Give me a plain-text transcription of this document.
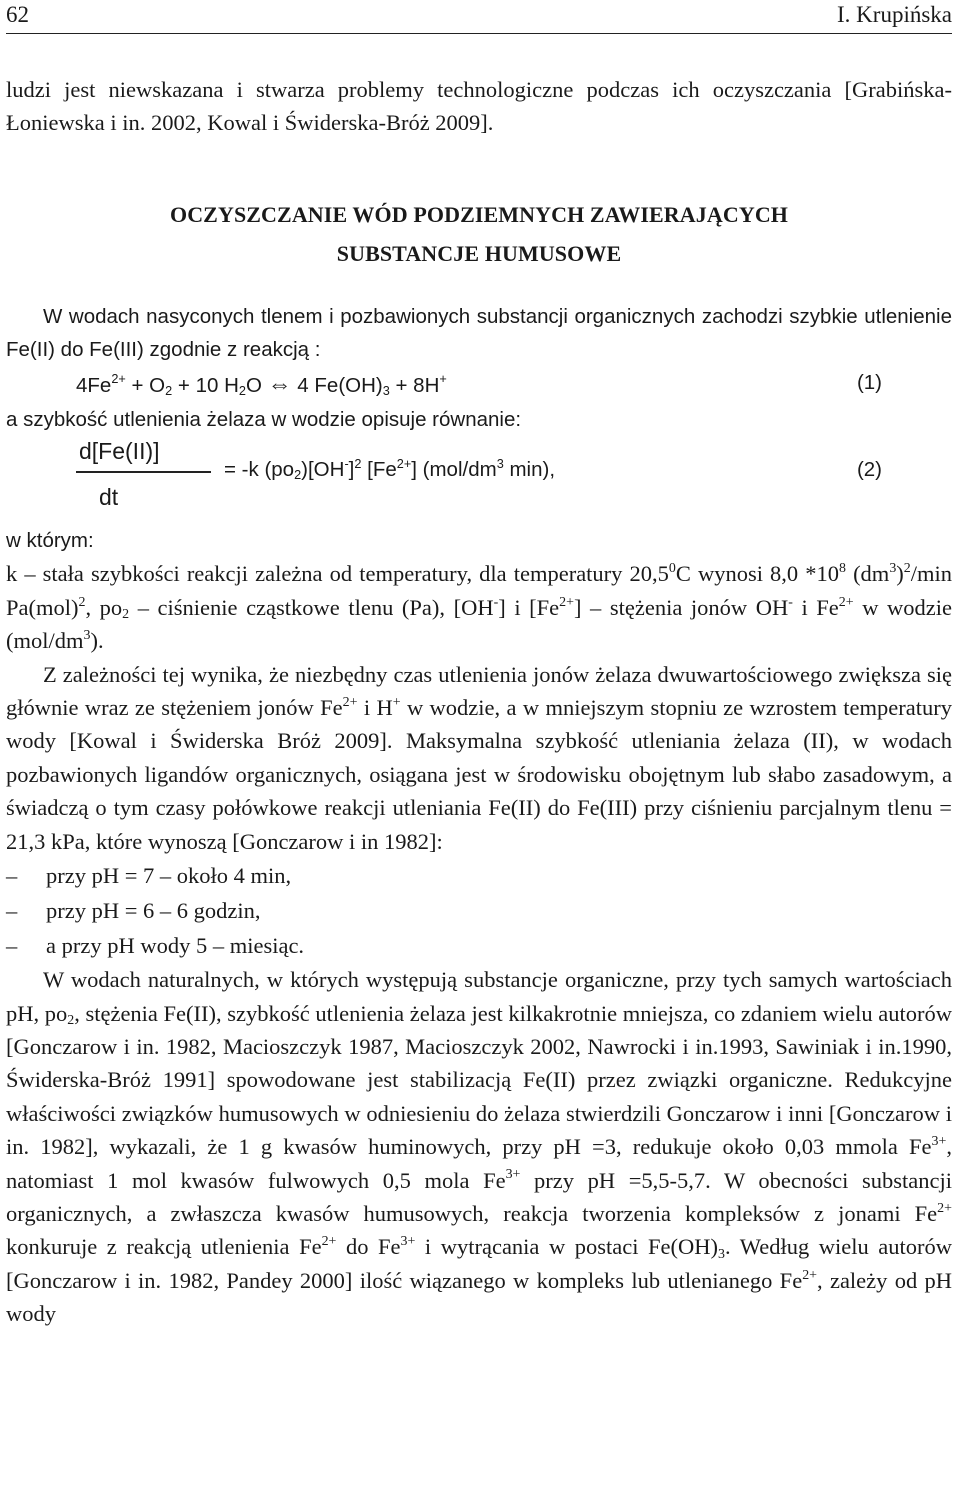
62	I. Krupińska

ludzi jest niewskazana i stwarza problemy technologiczne podczas ich oczyszczania [Grabińska-Łoniewska i in. 2002, Kowal i Świderska-Bróż 2009].

OCZYSZCZANIE WÓD PODZIEMNYCH ZAWIERAJĄCYCH
SUBSTANCJE HUMUSOWE

W wodach nasyconych tlenem i pozbawionych substancji organicznych zachodzi szybkie utlenienie Fe(II) do Fe(III) zgodnie z reakcją :

$4Fe^{2+} + O_2 + 10$ $H_2O$ ⇔ 4 $Fe(OH)_3 + 8H^+$	(1)

a szybkość utlenienia żelaza w wodzie opisuje równanie:

d[Fe(II)]
dt
= -k $(po_2)[OH^-]^2$ $[Fe^{2+}]$ ($mol/dm^3$ min),	(2)

w którym:

k – stała szybkości reakcji zależna od temperatury, dla temperatury 20,5$^0$C wynosi 8,0 $*10^8$ $(dm^3)^2/\min$ Pa(mol)$^2$, $po_2$ – ciśnienie cząstkowe tlenu (Pa), [OH-] i $[Fe^{2+}]$ – stężenia jonów OH- i $Fe^{2+}$ w wodzie $(mol/dm^3)$.

Z zależności tej wynika, że niezbędny czas utlenienia jonów żelaza dwuwartościowego zwiększa się głównie wraz ze stężeniem jonów $Fe^{2+}$ i H+ w wodzie, a w mniejszym stopniu ze wzrostem temperatury wody [Kowal i Świderska Bróż 2009]. Maksymalna szybkość utleniania żelaza (II), w wodach pozbawionych ligandów organicznych, osiągana jest w środowisku obojętnym lub słabo zasadowym, a świadczą o tym czasy połówkowe reakcji utleniania Fe(II) do Fe(III) przy ciśnieniu parcjalnym tlenu = 21,3 kPa, które wynoszą [Gonczarow i in 1982]:

– przy pH = 7 – około 4 min,
– przy pH = 6 – 6 godzin,
– a przy pH wody 5 – miesiąc.

W wodach naturalnych, w których występują substancje organiczne, przy tych samych wartościach pH, $po_2$, stężenia Fe(II), szybkość utlenienia żelaza jest kilkakrotnie mniejsza, co zdaniem wielu autorów [Gonczarow i in. 1982, Macioszczyk 1987, Macioszczyk 2002, Nawrocki i in.1993, Sawiniak i in.1990, Świderska-Bróż 1991] spowodowane jest stabilizacją Fe(II) przez związki organiczne. Redukcyjne właściwości związków humusowych w odniesieniu do żelaza stwierdzili Gonczarow i inni [Gonczarow i in. 1982], wykazali, że 1 g kwasów huminowych, przy pH =3, redukuje około 0,03 mmola $Fe^{3+}$, natomiast 1 mol kwasów fulwowych 0,5 mola $Fe^{3+}$ przy pH =5,5-5,7. W obecności substancji organicznych, a zwłaszcza kwasów humusowych, reakcja tworzenia kompleksów z jonami $Fe^{2+}$ konkuruje z reakcją utlenienia $Fe^{2+}$ do $Fe^{3+}$ i wytrącania w postaci $Fe(OH)_3$. Według wielu autorów [Gonczarow i in. 1982, Pandey 2000] ilość wiązanego w kompleks lub utlenianego $Fe^{2+}$, zależy od pH wody
